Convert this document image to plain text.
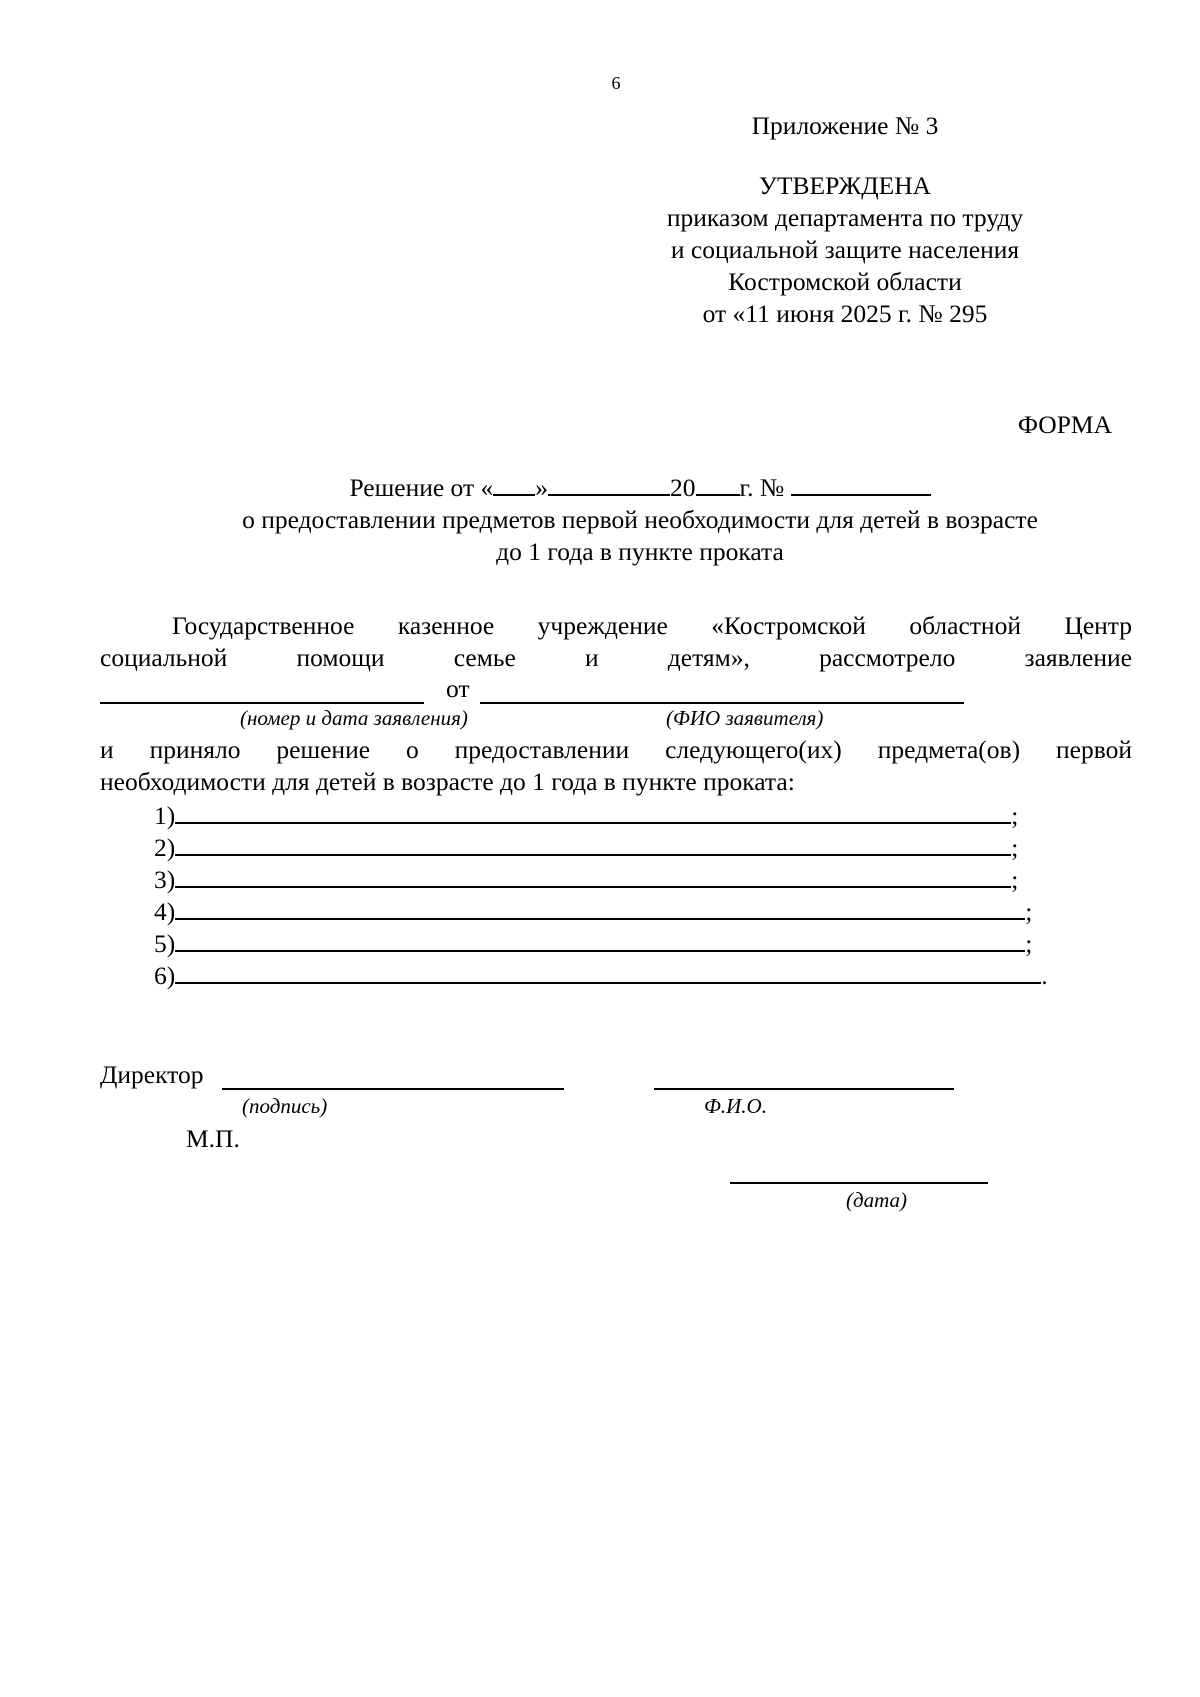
6
Приложение № 3
УТВЕРЖДЕНА
приказом департамента по труду
и социальной защите населения
Костромской области
от «11 июня 2025 г. № 295
ФОРМА
Решение от « »	20 г. №
о предоставлении предметов первой необходимости для детей в возрасте
до 1 года в пункте проката
Государственное казенное учреждение «Костромской областной Центр
социальной помощи семье и детям», рассмотрело заявление
от
(номер и дата заявления)	(ФИО заявителя)
и приняло решение о предоставлении следующего(их) предмета(ов) первой
необходимости для детей в возрасте до 1 года в пункте проката:
1)	;
2)	;
3)	;
4)	;
5)	;
6)	.
Директор
(подпись)	Ф.И.О.
М.П.
(дата)
